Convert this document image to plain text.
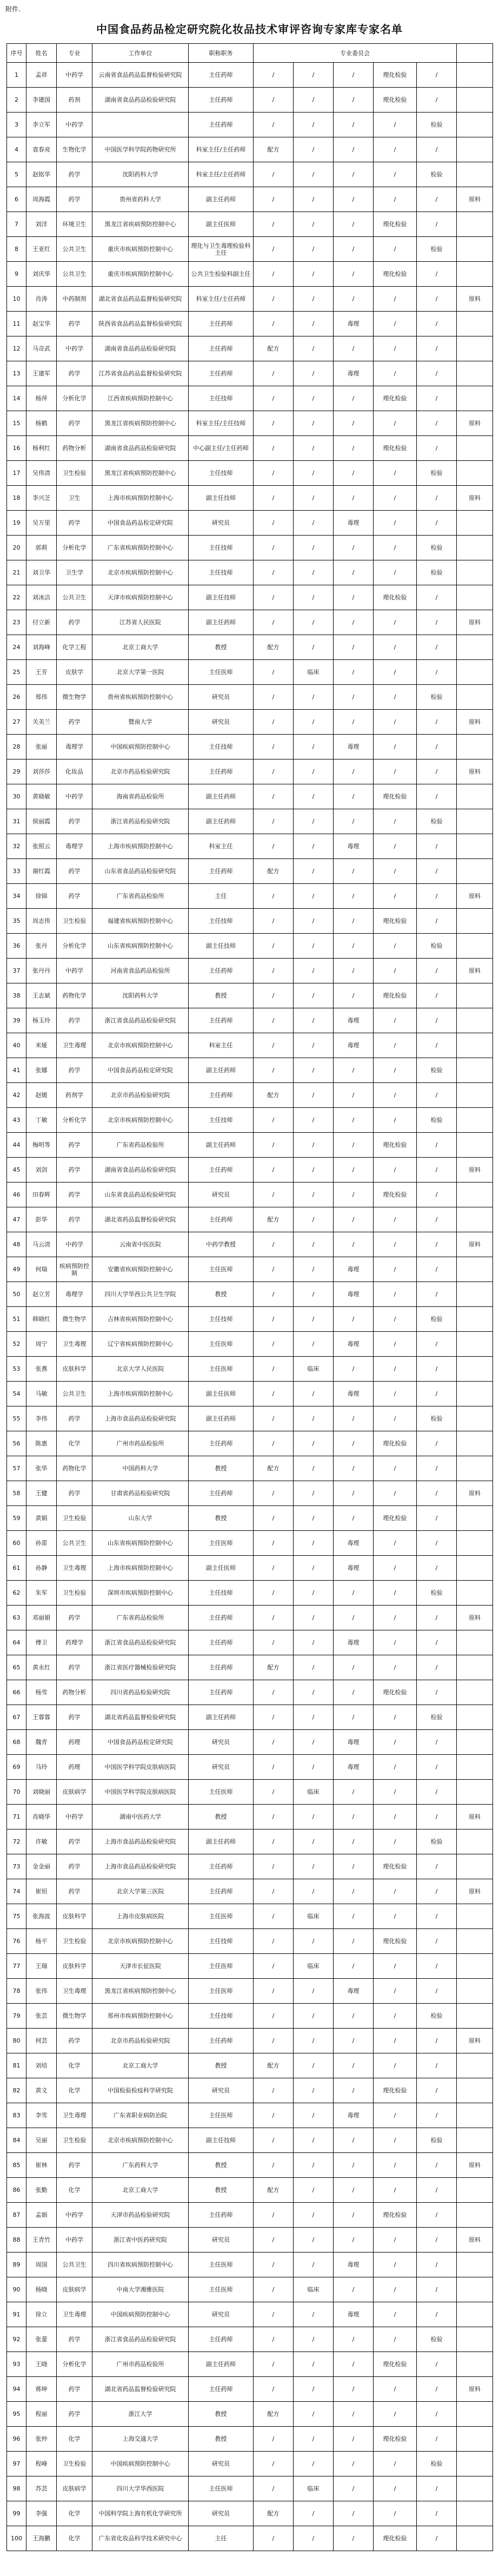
附件.
中国食品药品检定研究院化妆品技术审评咨询专家库专家名单
序号	姓名	专业	工作单位	职称职务	专业委员会					
1	孟祥	中药学	云南省食品药品监督检验研究院	主任药师	/	/	/	理化检验	/	
2	李建国	药剂	湖南省食品药品检验研究院	主任药师	/	/	/	理化检验	/	
3	李立军	中药学		主任药师	/	/	/	/	检验	
4	袁春亮	生物化学	中国医学科学院药物研究所	科室主任/主任药师	配方	/	/	/	/	
5	赵铭华	药学	沈阳药科大学	科室主任/主任药师	/	/	/	/	检验	
6	周海霞	药学	贵州省药科大学	副主任药师	/	/	/	/	/	原料
7	刘洋	环境卫生	黑龙江省疾病预防控制中心	副主任医师	/	/	/	理化检验	/	
8	王亚红	公共卫生	重庆市疾病预防控制中心	理化与卫生毒理检验科主任	/	/	/	/	检验	
9	刘庆华	公共卫生	重庆市疾病预防控制中心	公共卫生检验科副主任	/	/	/	理化检验	/	
10	肖涛	中药制剂	湖北省食品药品监督检验研究院	科室主任/主任药师	/	/	/	/	/	原料
11	赵宝华	药学	陕西省食品药品监督检验研究院	主任药师	/	/	毒理	/	/	
12	马奇武	中药学	湖南省食品药品检验研究院	主任药师	配方	/	/	/	/	
13	王建军	药学	江苏省食品药品监督检验研究院	主任药师	/	/	毒理	/	/	
14	杨萍	分析化学	江西省疾病预防控制中心	主任技师	/	/	/	理化检验	/	
15	杨鹤	药学	黑龙江省疾病预防控制中心	科室主任/主任技师	/	/	/	/	/	原料
16	杨利红	药物分析	湖南省食品药品检验研究院	中心副主任/主任药师	/	/	/	理化检验	/	
17	吴伟清	卫生检验	黑龙江省疾病预防控制中心	主任技师	/	/	/	/	检验	
18	李兴芝	卫生	上海市疾病预防控制中心	副主任技师	/	/	/	/	/	原料
19	吴万里	药学	中国食品药品检定研究院	研究员	/	/	毒理	/	/	
20	郭莉	分析化学	广东省疾病预防控制中心	主任技师	/	/	/	/	检验	
21	刘卫华	卫生学	北京市疾病预防控制中心	主任技师	/	/	/	/	检验	
22	刘冰洁	公共卫生	天津市疾病预防控制中心	副主任技师	/	/	/	理化检验	/	
23	付立新	药学	江苏省人民医院	副主任药师	/	/	/	/	/	原料
24	刘海峰	化学工程	北京工商大学	教授	配方	/	/	/	/	
25	王芳	皮肤学	北京大学第一医院	主任医师	/	临床	/	/	/	
26	郑伟	微生物学	贵州省疾病预防控制中心	研究员	/	/	/	/	检验	
27	关美兰	药学	暨南大学	研究员	/	/	/	/	/	原料
28	张丽	毒理学	中国疾病预防控制中心	主任技师	/	/	毒理	/	/	
29	刘莎莎	化妆品	北京市药品检验研究院	主任药师	/	/	/	/	/	原料
30	黄晓敏	中药学	海南省药品检验所	副主任药师	/	/	/	理化检验	/	
31	侯丽霞	药学	浙江省药品检验研究院	副主任药师	/	/	/	/	检验	
32	张照云	毒理学	上海市疾病预防控制中心	科室主任	/	/	毒理	/	/	
33	谢红霞	药学	山东省食品药品检验研究院	主任药师	配方	/	/	/	/	
34	徐锦	药学	广东省药品检验所	主任	/	/	/	/	/	原料
35	周志伟	卫生检验	福建省疾病预防控制中心	主任技师	/	/	/	理化检验	/	
36	张丹	分析化学	山东省疾病预防控制中心	副主任技师	/	/	/	/	检验	
37	张丹丹	中药学	河南省食品药品检验所	主任药师	/	/	/	/	/	原料
38	王志斌	药物化学	沈阳药科大学	教授	/	/	/	理化检验	/	
39	杨玉玲	药学	浙江省食品药品检验研究院	主任药师	/	/	毒理	/	/	
40	米娅	卫生毒理	北京市疾病预防控制中心	科室主任	/	/	毒理	/	/	
41	张娜	药学	中国食品药品检定研究院	副主任药师	/	/	/	/	检验	
42	赵媛	药剂学	北京市药品检验研究院	主任药师	配方	/	/	/	/	
43	丁敏	分析化学	北京市疾病预防控制中心	主任技师	/	/	/	/	检验	
44	梅明等	药学	广东省药品检验所	副主任药师	/	/	/	理化检验	/	
45	刘剑	药学	湖南省食品药品检验研究院	主任药师	/	/	/	/	/	原料
46	田春辉	药学	山东省食品药品检验研究院	研究员	/	/	/	理化检验	/	
47	彭华	药学	湖北省药品监督检验研究院	主任药师	配方	/	/	/	/	
48	马云清	中药学	云南省中医医院	中药学教授	/	/	/	/	/	原料
49	何瑞	疾病预防控制	安徽省疾病预防控制中心	主任医师	/	/	毒理	/	/	
50	赵立芳	毒理学	四川大学华西公共卫生学院	教授	/	/	毒理	/	/	
51	韩晓红	微生物学	吉林省疾病预防控制中心	主任技师	/	/	/	/	检验	
52	周宁	卫生毒理	辽宁省疾病预防控制中心	主任医师	/	/	毒理	/	/	
53	张燕	皮肤科学	北京大学人民医院	主任医师	/	临床	/	/	/	
54	马敏	公共卫生	上海市疾病预防控制中心	副主任医师	/	/	毒理	/	/	
55	李伟	药学	上海市食品药品检验研究院	副主任药师	/	/	/	/	检验	
56	陈惠	化学	广州市药品检验所	主任药师	/	/	/	理化检验	/	
57	张华	药物化学	中国药科大学	教授	配方	/	/	/	/	
58	王健	药学	甘肃省药品检验研究院	主任药师	/	/	/	/	/	原料
59	黄娟	卫生检验	山东大学	教授	/	/	/	理化检验	/	
60	孙雷	公共卫生	山东省疾病预防控制中心	主任医师	/	/	毒理	/	/	
61	孙静	卫生毒理	上海市疾病预防控制中心	副主任医师	/	/	毒理	/	/	
62	朱军	卫生检验	深圳市疾病预防控制中心	主任技师	/	/	/	/	检验	
63	邓丽娟	药学	广东省药品检验所	主任药师	/	/	/	/	/	原料
64	傅卫	药理学	浙江省食品药品检验研究院	主任药师	/	/	毒理	/	/	
65	黄永红	药学	浙江省医疗器械检验研究院	主任药师	配方	/	/	/	/	
66	杨雪	药物分析	四川省药品检验研究院	主任药师	/	/	/	理化检验	/	
67	王蓉蓉	药学	湖北省药品监督检验研究院	副主任药师	/	/	/	/	检验	
68	魏青	药理	中国食品药品检定研究院	研究员	/	/	毒理	/	/	
69	马玲	药理	中国医学科学院皮肤病医院	研究员	/	/	毒理	/	/	
70	刘晓丽	皮肤病学	中国医学科学院皮肤病医院	主任医师	/	临床	/	/	/	
71	肖晓华	中药学	湖南中医药大学	教授	/	/	/	/	/	原料
72	许敏	药学	上海市食品药品检验研究院	副主任药师	/	/	/	/	检验	
73	金金丽	药学	上海市食品药品检验研究院	主任药师	/	/	/	理化检验	/	
74	崔恒	药学	北京大学第三医院	主任药师	/	/	/	/	/	原料
75	张海波	皮肤科学	上海市皮肤病医院	主任医师	/	临床	/	/	/	
76	杨平	卫生检验	北京市疾病预防控制中心	主任技师	/	/	/	理化检验	/	
77	王瑞	皮肤科学	天津市长征医院	主任医师	/	临床	/	/	/	
78	张伟	卫生毒理	黑龙江省疾病预防控制中心	主任医师	/	/	毒理	/	/	
79	张芸	微生物学	郑州市疾病预防控制中心	主任技师	/	/	/	/	检验	
80	何芸	药学	北京市药品检验研究院	主任药师	/	/	/	/	/	原料
81	刘培	化学	北京工商大学	教授	配方	/	/	/	/	
82	黄文	化学	中国检验检疫科学研究院	研究员	/	/	/	理化检验	/	
83	李雪	卫生毒理	广东省职业病防治院	主任医师	/	/	毒理	/	/	
84	吴丽	卫生检验	北京市疾病预防控制中心	副主任技师	/	/	/	/	检验	
85	崔林	药学	广东药科大学	教授	/	/	/	/	/	原料
86	张勤	化学	北京工商大学	教授	配方	/	/	/	/	
87	孟娟	中药学	天津市药品检验研究院	主任药师	/	/	/	理化检验	/	
88	王青竹	中药学	浙江省中医药研究院	研究员	/	/	/	/	/	原料
89	周国	公共卫生	四川省疾病预防控制中心	主任医师	/	/	毒理	/	/	
90	杨晓	皮肤病学	中南大学湘雅医院	主任医师	/	临床	/	/	/	
91	徐立	卫生毒理	中国疾病预防控制中心	研究员	/	/	毒理	/	/	
92	张蕾	药学	浙江省食品药品检验研究院	主任药师	/	/	/	/	检验	
93	王晓	分析化学	广州市药品检验所	副主任药师	/	/	/	理化检验	/	
94	蒋坤	药学	湖北省药品监督检验研究院	主任药师	/	/	/	/	/	原料
95	程丽	药学	浙江大学	教授	配方	/	/	/	/	
96	张仲	化学	上海交通大学	教授	/	/	/	理化检验	/	
97	程峰	卫生检验	中国疾病预防控制中心	研究员	/	/	/	/	检验	
98	苏芸	皮肤病学	四川大学华西医院	主任医师	/	临床	/	/	/	
99	李强	化学	中国科学院上海有机化学研究所	研究员	配方	/	/	/	/	
100	王海鹏	化学	广东省化妆品科学技术研究中心	主任	/	/	/	理化检验	/	
